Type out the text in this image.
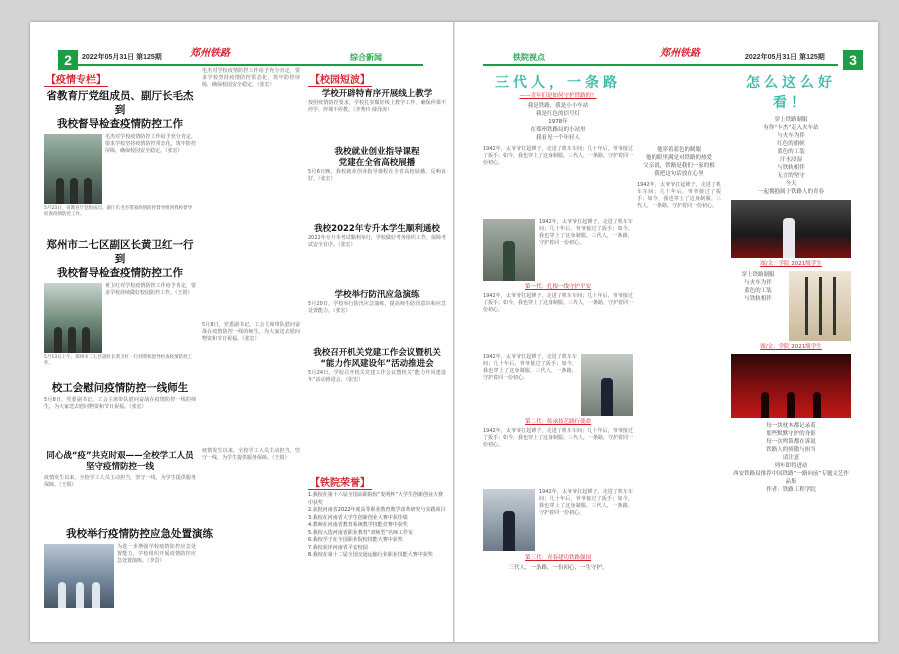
2	2022年05月31日 第125期	郑州铁路	综合新闻
【疫情专栏】
省教育厅党组成员、副厅长毛杰到
我校督导检查疫情防控工作
毛杰对学校疫情防控工作给予充分肯定，要求学校坚持疫情防控常态化，筑牢防控屏障，确保校园安全稳定。（张宏）
5月23日，省教育厅党组成员、副厅长毛杰带领疫情防控督导组到我校督导检查疫情防控工作。
郑州市二七区副区长黄卫红一行到
我校督导检查疫情防控工作
黄卫红对学校疫情防控工作给予肯定，要求学校持续做好校园防控工作。（王锐）
5月13日上午，郑州市二七区副区长黄卫红一行到我校督导检查疫情防控工作。
校工会慰问疫情防控一线师生
5月8日，党委副书记、工会主席带队慰问奋战在疫情防控一线的师生，为大家送去慰问物资和节日祝福。（张宏）
同心战“疫”共克时艰——全校学工人员
坚守疫情防控一线
疫情发生以来，全校学工人员主动担当，坚守一线，为学生提供服务保障。（王锐）
我校举行疫情防控应急处置演练
为进一步增强学校疫情防控应急处置能力，学校组织开展疫情防控应急处置演练。（李景）
毛杰对学校疫情防控工作给予充分肯定，要求学校坚持疫情防控常态化，筑牢防控屏障，确保校园安全稳定。（张宏）
5月8日，党委副书记、工会主席带队慰问奋战在疫情防控一线的师生，为大家送去慰问物资和节日祝福。（张宏）
疫情发生以来，全校学工人员主动担当，坚守一线，为学生提供服务保障。（王锐）
【校园短波】
学校开辟特育序开展线上教学
按照疫情防控要求，学校扎实做好线上教学工作，确保停课不停学、停课不停教。（李秀玲 薛泽涛）
我校就业创业指导课程
党建在全省高校展播
5月6日晚，我校就业创业指导课程在全省高校展播，反响良好。（张宏）
我校2022年专升本学生顺利通校
2022年专升本考试顺利举行，学校做好考务组织工作，保障考试安全有序。（张宏）
学校举行防汛应急演练
5月20日，学校举行防汛应急演练，提高师生防汛意识和应急处置能力。（张宏）
我校召开机关党建工作会议暨机关
“能力作风建设年”活动推进会
5月24日，学校召开机关党建工作会议暨机关“能力作风建设年”活动推进会。（张宏）
【铁院荣誉】
1.我校在第十六届全国高职院校“发明杯”大学生创新创业大赛中获奖
2.获批河南省2022年度高等职业教育教学改革研究与实践项目
3.我校在河南省大学生创新创业大赛中获佳绩
4.教师在河南省教育系统教学技能竞赛中获奖
5.我校入选河南省职业教育“双师型”名师工作室
6.我校学子在全国职业院校技能大赛中获奖
7.我校获评河南省平安校园
8.我校在第十二届全国交通运输行业职业技能大赛中获奖
铁院视点	郑州铁路	2022年05月31日 第125期	3
三代人，一条路
——青年们是如何守护铁路的？
我是铁路，我是小小车站
我是红色的信号灯
1978年
在郑州铁路局的小站里
我看见一个年轻人
1942年，太爷爷扛起锤子，走进了机车车间；几十年后，爷爷接过了扳手；如今，我也穿上了这身制服。三代人，一条路，守护着同一份初心。
1942年，太爷爷扛起锤子，走进了机车车间；几十年后，爷爷接过了扳手；如今，我也穿上了这身制服。三代人，一条路，守护着同一份初心。
第一代：扎根一线守护平安
1942年，太爷爷扛起锤子，走进了机车车间；几十年后，爷爷接过了扳手；如今，我也穿上了这身制服。三代人，一条路，守护着同一份初心。
1942年，太爷爷扛起锤子，走进了机车车间；几十年后，爷爷接过了扳手；如今，我也穿上了这身制服。三代人，一条路，守护着同一份初心。
第二代：传承技艺践行使命
1942年，太爷爷扛起锤子，走进了机车车间；几十年后，爷爷接过了扳手；如今，我也穿上了这身制服。三代人，一条路，守护着同一份初心。
1942年，太爷爷扛起锤子，走进了机车车间；几十年后，爷爷接过了扳手；如今，我也穿上了这身制服。三代人，一条路，守护着同一份初心。
第三代：青春建功铁路强国
三代人，一条路，一份初心，一生守护。
他穿着蓝色的制服
他的眼里满是对铁路的热爱
父亲说，铁路是我们一家的根
我把这句话放在心里
1942年，太爷爷扛起锤子，走进了机车车间；几十年后，爷爷接过了扳手；如今，我也穿上了这身制服。三代人，一条路，守护着同一份初心。
怎么这么好看！
穿上铁路制服
有你“卡杰”走入火车站
与火车为伴
红色的旗帜
蓝色的工装
汗水浸湿
与铁轨相伴
无言的坚守
今天
一起拥抱属于铁路人的青春
图/文：学院 2021级学生
穿上铁路制服
与火车为伴
蓝色的工装
与铁轨相伴
图/文：学院 2021级学生
每一块枕木都记录着
那些默默守护的身影
每一次鸣笛都在诉说
铁路人的骄傲与担当
请注意
列车即将进站
西安铁路局推荐中国铁路“一路向前”专题文艺作品集
作者：铁路工程学院
